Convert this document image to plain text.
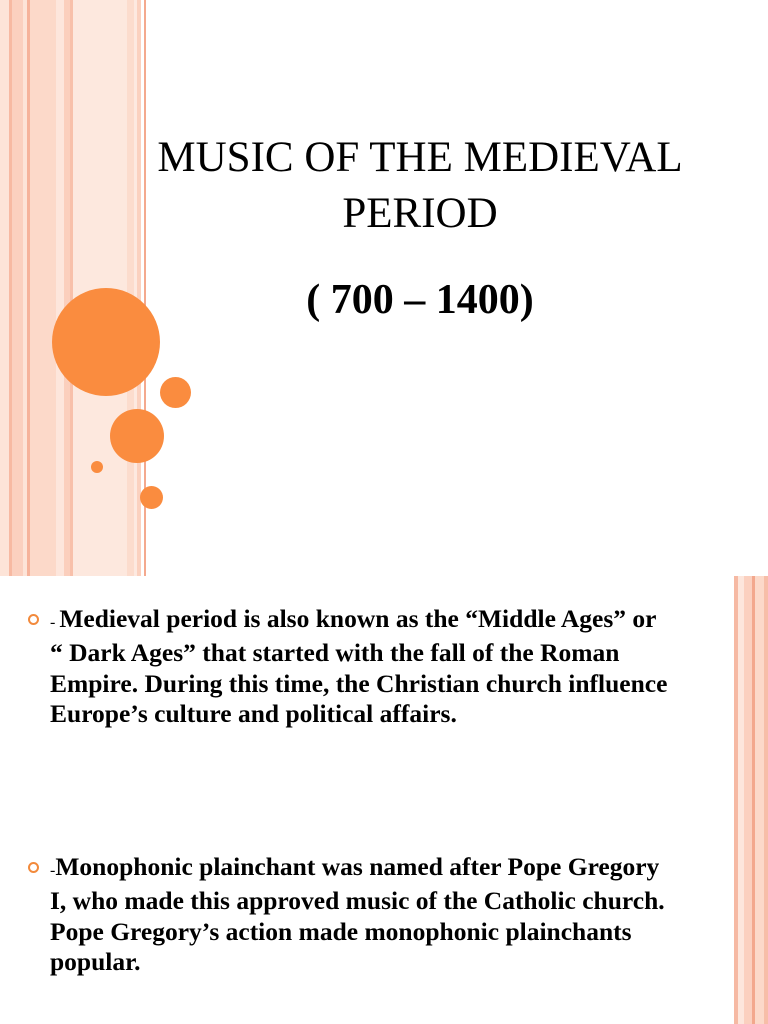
MUSIC OF THE MEDIEVAL PERIOD
( 700 – 1400)
- Medieval period is also known as the “Middle Ages” or “ Dark Ages” that started with the fall of the Roman Empire. During this time, the Christian church influence Europe’s culture and political affairs.
-Monophonic plainchant was named after Pope Gregory I, who made this approved music of the Catholic church. Pope Gregory’s action made monophonic plainchants popular.
